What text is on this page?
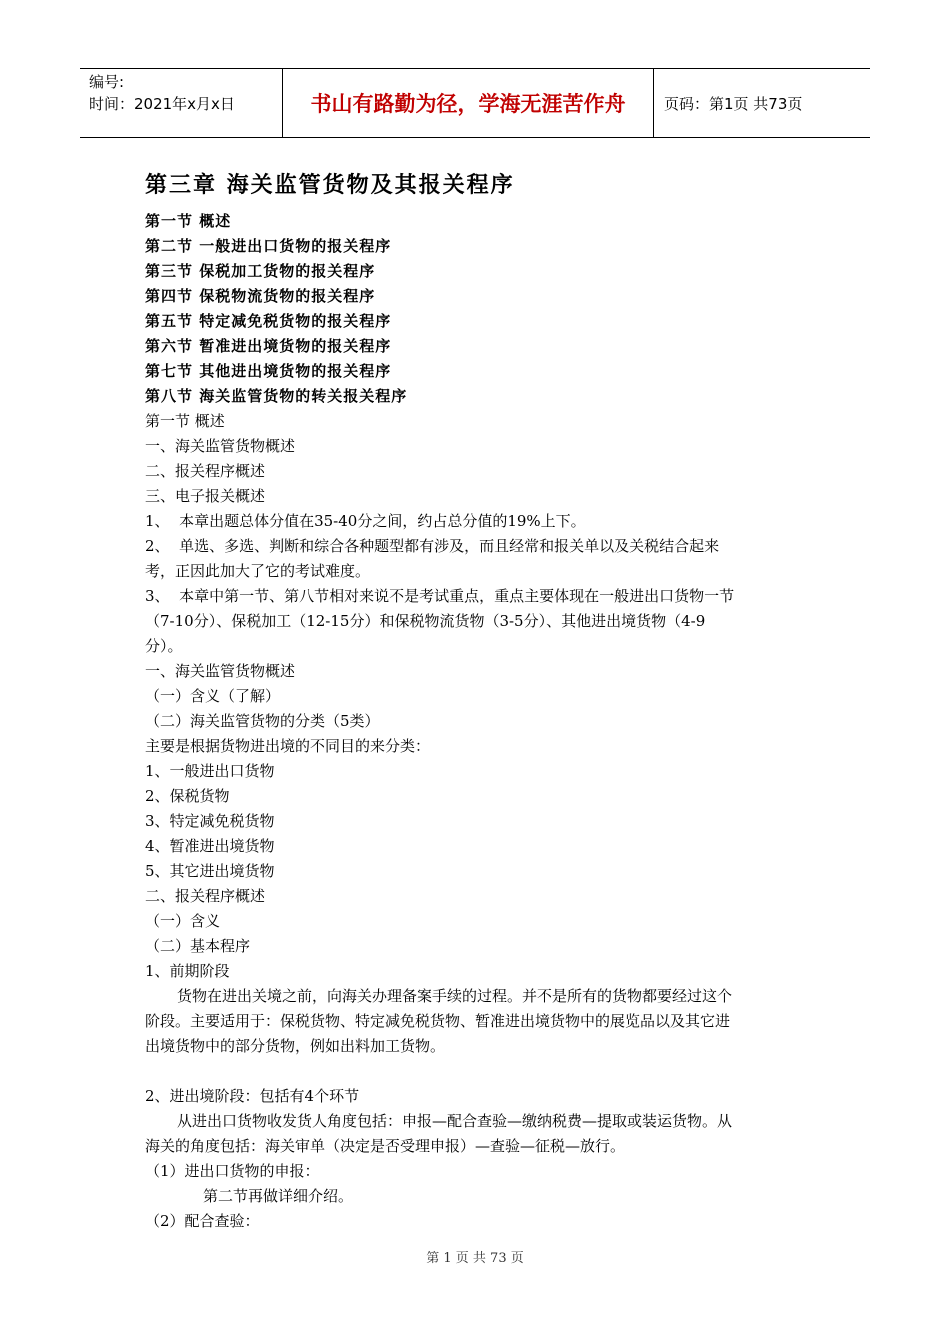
编号:
时间：2021年x月x日	书山有路勤为径，学海无涯苦作舟	页码：第1页 共73页
第三章 海关监管货物及其报关程序
第一节 概述
第二节 一般进出口货物的报关程序
第三节 保税加工货物的报关程序
第四节 保税物流货物的报关程序
第五节 特定减免税货物的报关程序
第六节 暂准进出境货物的报关程序
第七节 其他进出境货物的报关程序
第八节 海关监管货物的转关报关程序
第一节 概述
一、海关监管货物概述
二、报关程序概述
三、电子报关概述
1、  本章出题总体分值在35-40分之间，约占总分值的19%上下。
2、  单选、多选、判断和综合各种题型都有涉及，而且经常和报关单以及关税结合起来
考，正因此加大了它的考试难度。
3、  本章中第一节、第八节相对来说不是考试重点，重点主要体现在一般进出口货物一节
（7-10分）、保税加工（12-15分）和保税物流货物（3-5分）、其他进出境货物（4-9
分）。
一、海关监管货物概述
（一）含义（了解）
（二）海关监管货物的分类（5类）
主要是根据货物进出境的不同目的来分类：
1、一般进出口货物
2、保税货物
3、特定减免税货物
4、暂准进出境货物
5、其它进出境货物
二、报关程序概述
（一）含义
（二）基本程序
1、前期阶段
货物在进出关境之前，向海关办理备案手续的过程。并不是所有的货物都要经过这个
阶段。主要适用于：保税货物、特定减免税货物、暂准进出境货物中的展览品以及其它进
出境货物中的部分货物，例如出料加工货物。
2、进出境阶段：包括有4个环节
从进出口货物收发货人角度包括：申报—配合查验—缴纳税费—提取或装运货物。从
海关的角度包括：海关审单（决定是否受理申报）—查验—征税—放行。
（1）进出口货物的申报：
第二节再做详细介绍。
（2）配合查验：
第 1 页 共 73 页
